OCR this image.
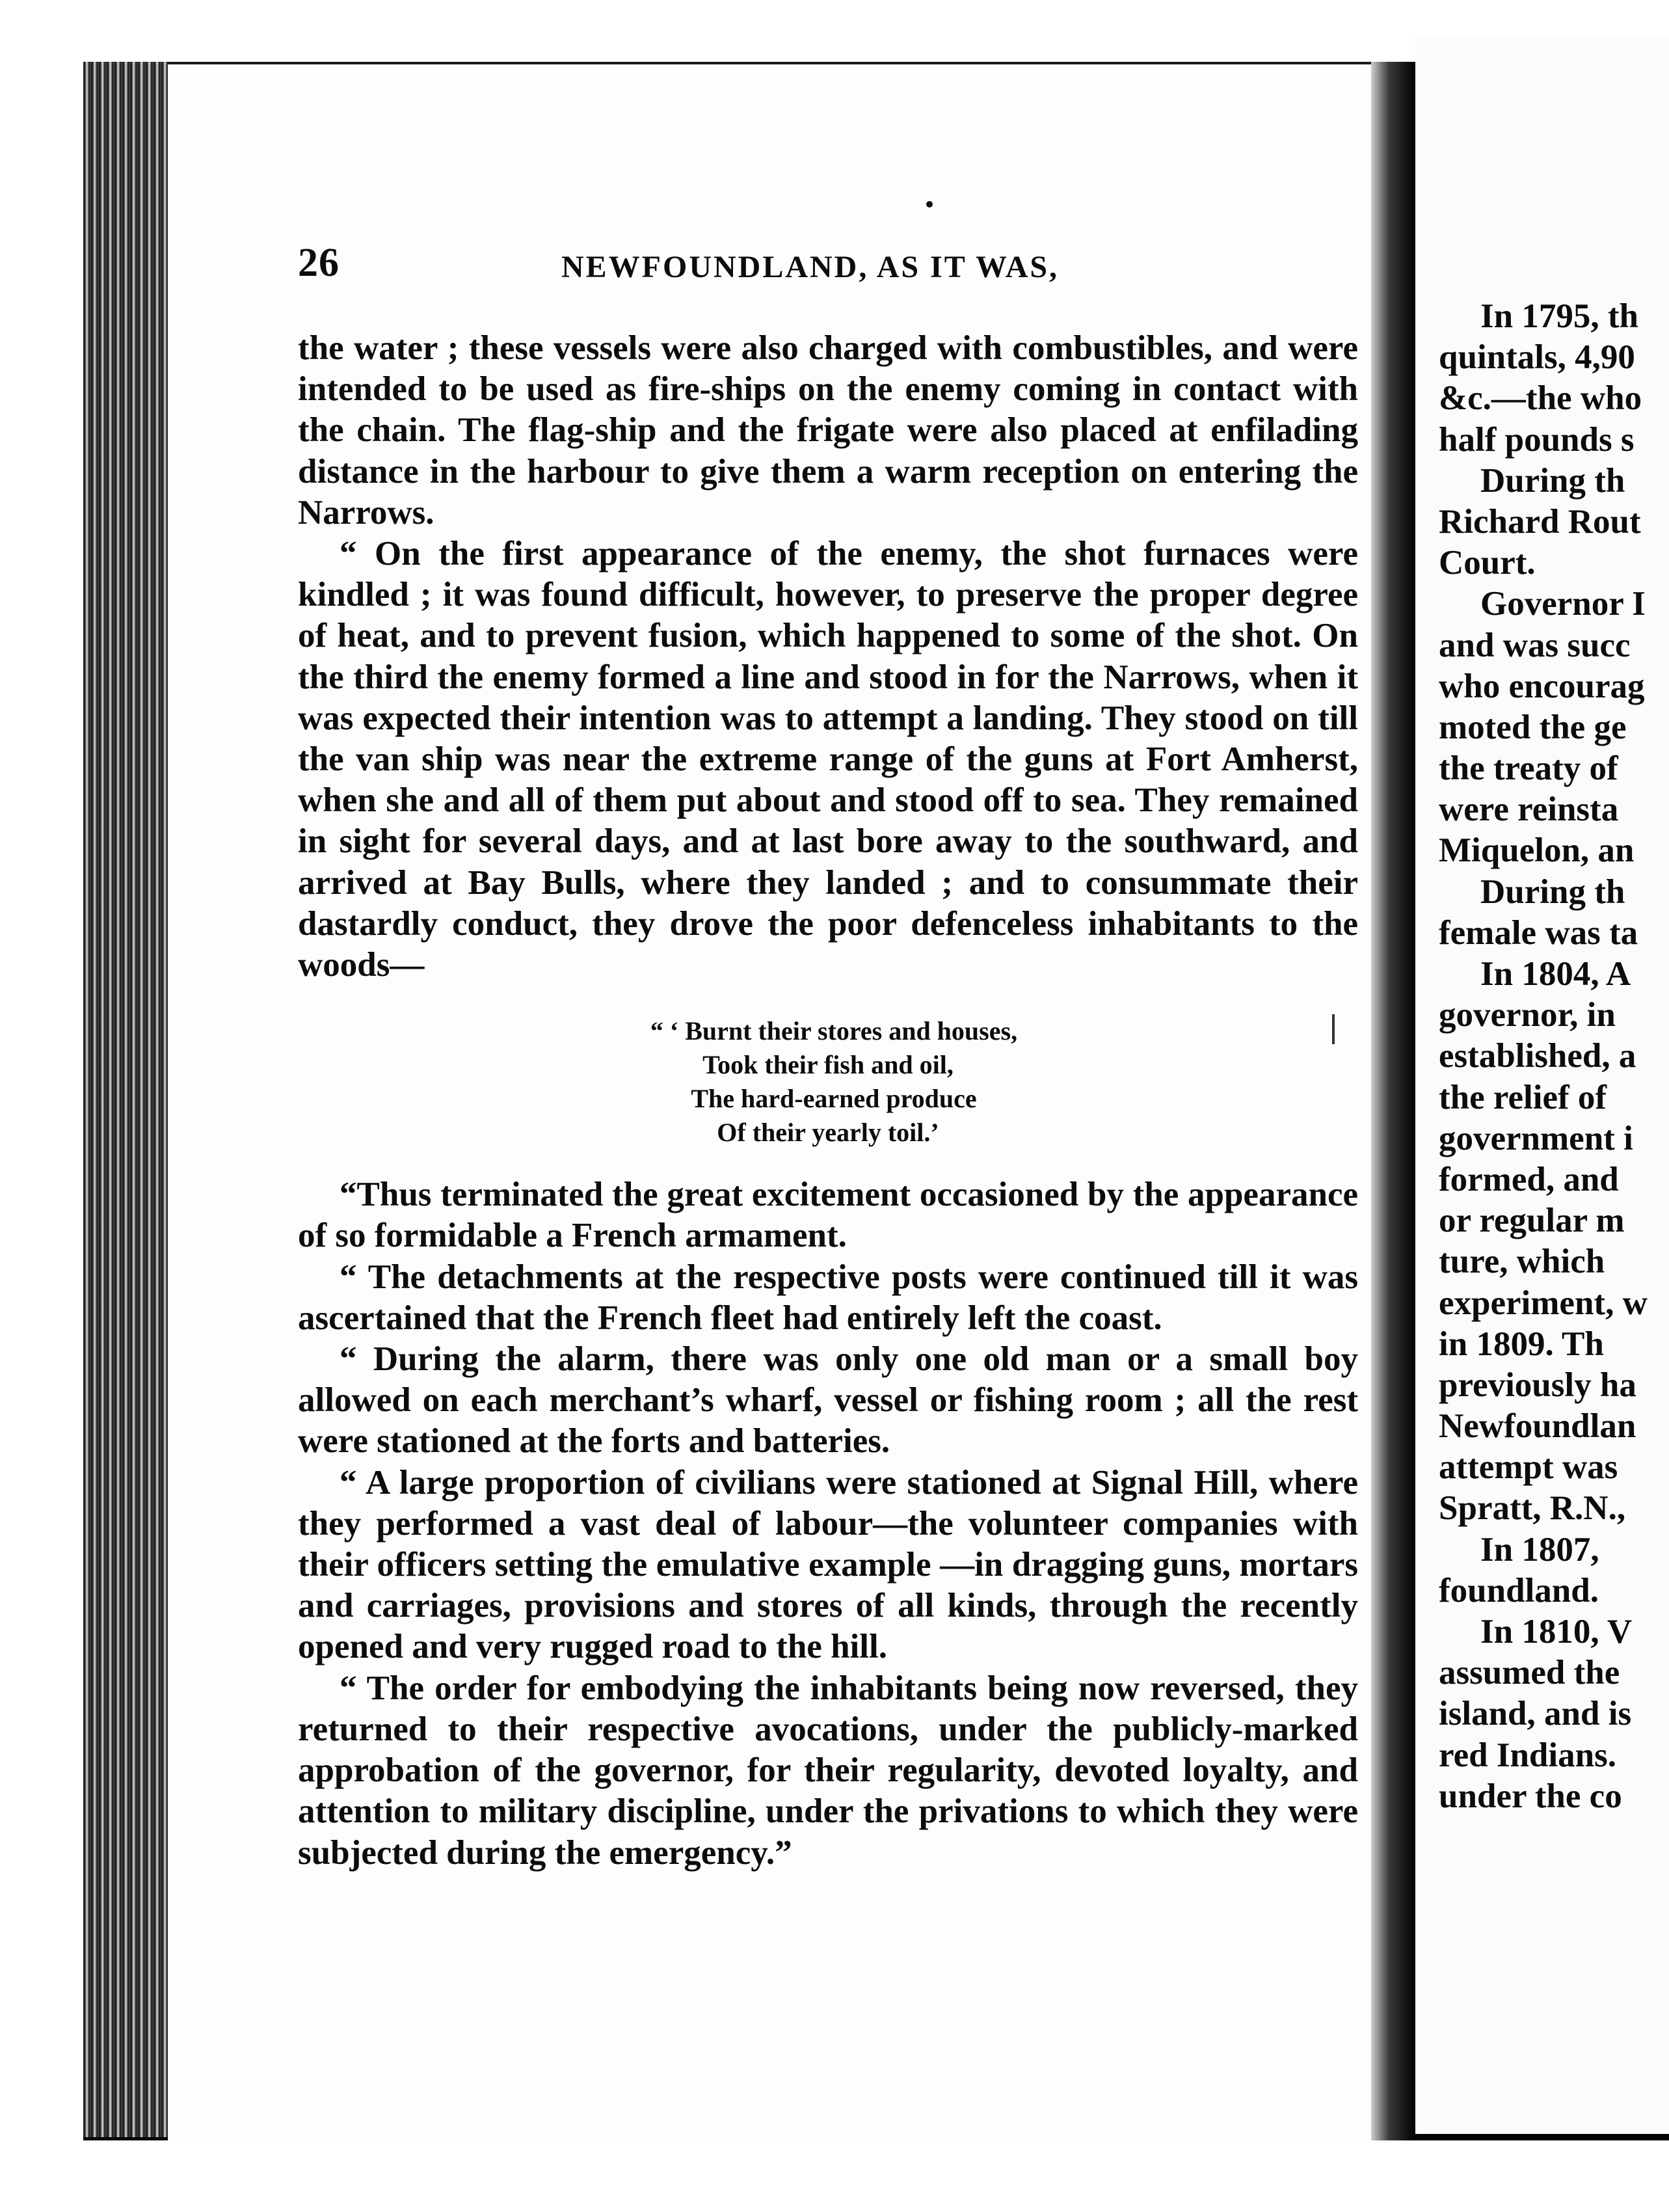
26	NEWFOUNDLAND, AS IT WAS,

the water ; these vessels were also charged with combustibles, and were intended to be used as fire-ships on the enemy coming in contact with the chain. The flag-ship and the frigate were also placed at enfilading distance in the harbour to give them a warm reception on entering the Narrows.

“ On the first appearance of the enemy, the shot furnaces were kindled ; it was found difficult, however, to preserve the proper degree of heat, and to prevent fusion, which happened to some of the shot. On the third the enemy formed a line and stood in for the Narrows, when it was expected their intention was to attempt a landing. They stood on till the van ship was near the extreme range of the guns at Fort Amherst, when she and all of them put about and stood off to sea. They remained in sight for several days, and at last bore away to the southward, and arrived at Bay Bulls, where they landed ; and to consummate their dastardly conduct, they drove the poor defenceless inhabitants to the woods—

“ ‘ Burnt their stores and houses,
Took their fish and oil,
The hard-earned produce
Of their yearly toil.’

“Thus terminated the great excitement occasioned by the appearance of so formidable a French armament.

“ The detachments at the respective posts were continued till it was ascertained that the French fleet had entirely left the coast.

“ During the alarm, there was only one old man or a small boy allowed on each merchant’s wharf, vessel or fishing room ; all the rest were stationed at the forts and batteries.

“ A large proportion of civilians were stationed at Signal Hill, where they performed a vast deal of labour—the volunteer companies with their officers setting the emulative example —in dragging guns, mortars and carriages, provisions and stores of all kinds, through the recently opened and very rugged road to the hill.

“ The order for embodying the inhabitants being now reversed, they returned to their respective avocations, under the publicly-marked approbation of the governor, for their regularity, devoted loyalty, and attention to military discipline, under the privations to which they were subjected during the emergency.”

In 1795, th
quintals, 4,90
&c.—the who
half pounds s
During th
Richard Rout
Court.
Governor I
and was succ
who encourag
moted the ge
the treaty of
were reinsta
Miquelon, an
During th
female was ta
In 1804, A
governor, in
established, a
the relief of
government i
formed, and
or regular m
ture, which
experiment, w
in 1809. Th
previously ha
Newfoundlan
attempt was
Spratt, R.N.,
In 1807,
foundland.
In 1810, V
assumed the
island, and is
red Indians.
under the co
